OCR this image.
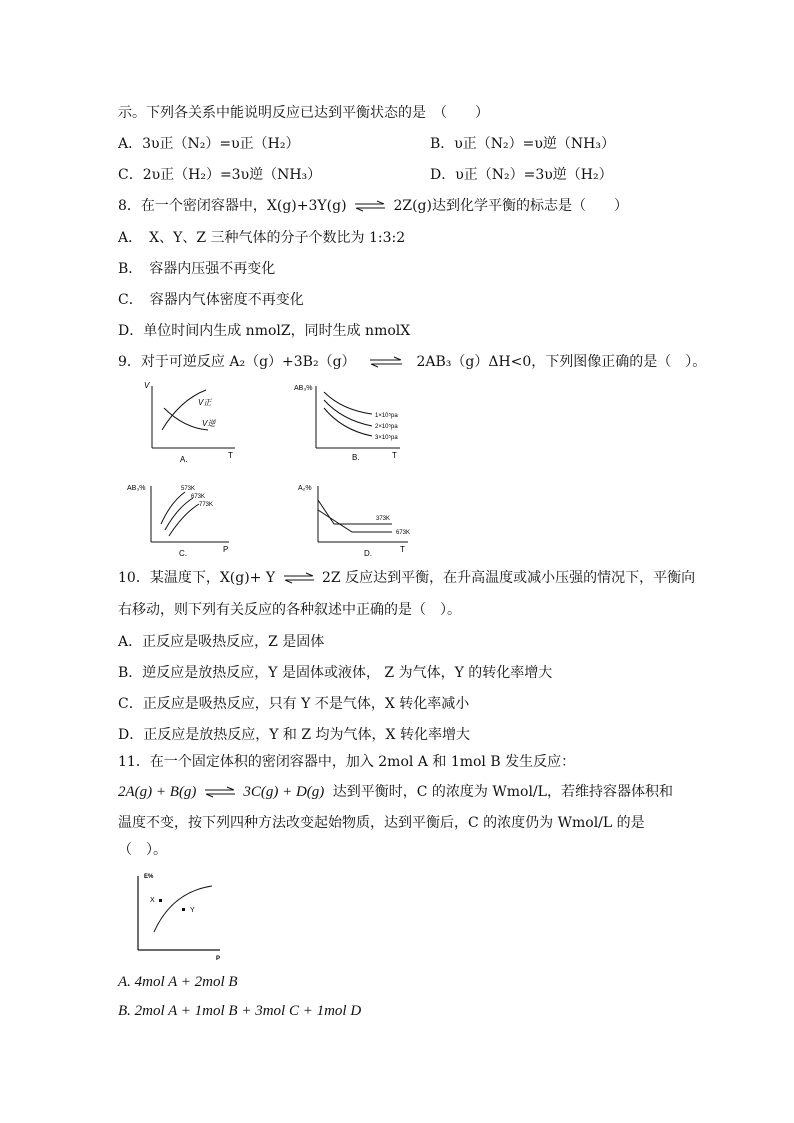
示。下列各关系中能说明反应已达到平衡状态的是　（　　）
A．3υ正（N₂）=υ正（H₂）	B．υ正（N₂）=υ逆（NH₃）
C．2υ正（H₂）=3υ逆（NH₃）	D．υ正（N₂）=3υ逆（H₂）
8．在一个密闭容器中，X(g)+3Y(g) ⇌ 2Z(g)达到化学平衡的标志是（　　）
A．　X、Y、Z 三种气体的分子个数比为 1:3:2
B．　容器内压强不再变化
C．　容器内气体密度不再变化
D．单位时间内生成 nmolZ，同时生成 nmolX
9．对于可逆反应 A₂（g）+3B₂（g） ⇌ 2AB₃（g）ΔH<0，下列图像正确的是（　）。
V
T
V正
V逆
A.
AB₃%
T
1×10⁵pa
2×10⁵pa
3×10⁵pa
B.
AB₃%
P
573K
673K
773K
C.
A₂%
T
373K
673K
D.
10．某温度下，X(g)+ Y ⇌ 2Z 反应达到平衡，在升高温度或减小压强的情况下，平衡向
右移动，则下列有关反应的各种叙述中正确的是（　）。
A．正反应是吸热反应，Z 是固体
B．逆反应是放热反应，Y 是固体或液体， Z 为气体，Y 的转化率增大
C．正反应是吸热反应，只有 Y 不是气体，X 转化率减小
D．正反应是放热反应，Y 和 Z 均为气体，X 转化率增大
11．在一个固定体积的密闭容器中，加入 2mol A 和 1mol B 发生反应：
2A(g) + B(g) ⇌ 3C(g) + D(g) 达到平衡时，C 的浓度为 Wmol/L，若维持容器体积和
温度不变，按下列四种方法改变起始物质，达到平衡后，C 的浓度仍为 Wmol/L 的是
（　）。
E%
P
X
Y
A. 4mol A + 2mol B
B. 2mol A + 1mol B + 3mol C + 1mol D
